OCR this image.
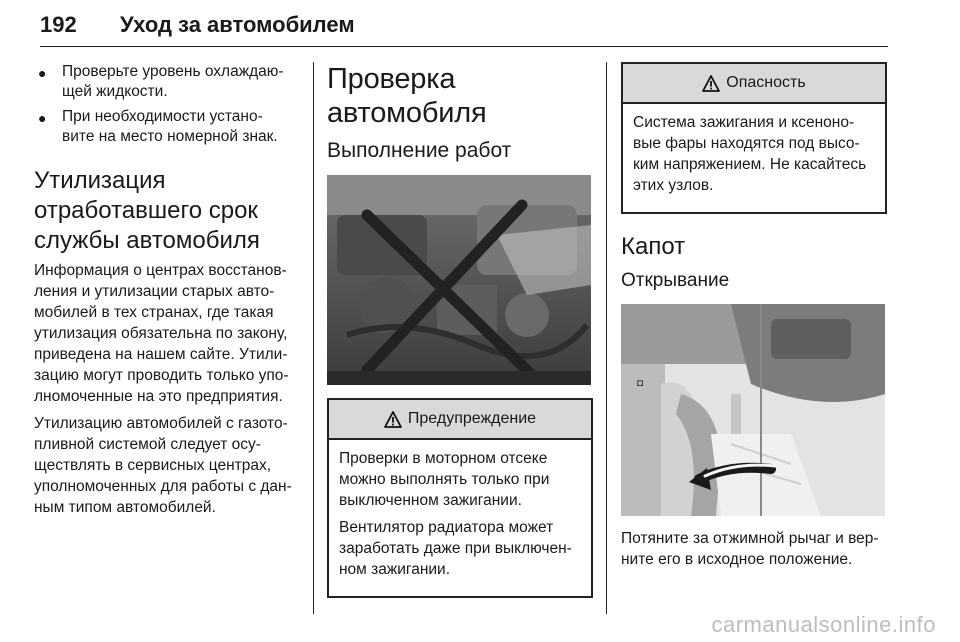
192 Уход за автомобилем
● Проверьте уровень охлаждаю-
щей жидкости.
● При необходимости устано-
вите на место номерной знак.
Утилизация
отработавшего срок
службы автомобиля
Информация о центрах восстанов-
ления и утилизации старых авто-
мобилей в тех странах, где такая
утилизация обязательна по закону,
приведена на нашем сайте. Утили-
зацию могут проводить только упо-
лномоченные на это предприятия.
Утилизацию автомобилей с газото-
пливной системой следует осу-
ществлять в сервисных центрах,
уполномоченных для работы с дан-
ным типом автомобилей.
Проверка автомобиля
Выполнение работ
Предупреждение
Проверки в моторном отсеке
можно выполнять только при
выключенном зажигании.
Вентилятор радиатора может
заработать даже при выключен-
ном зажигании.
Опасность
Система зажигания и ксеноно-
вые фары находятся под высо-
ким напряжением. Не касайтесь
этих узлов.
Капот
Открывание
◘
Потяните за отжимной рычаг и вер-
ните его в исходное положение.
carmanualsonline.info
